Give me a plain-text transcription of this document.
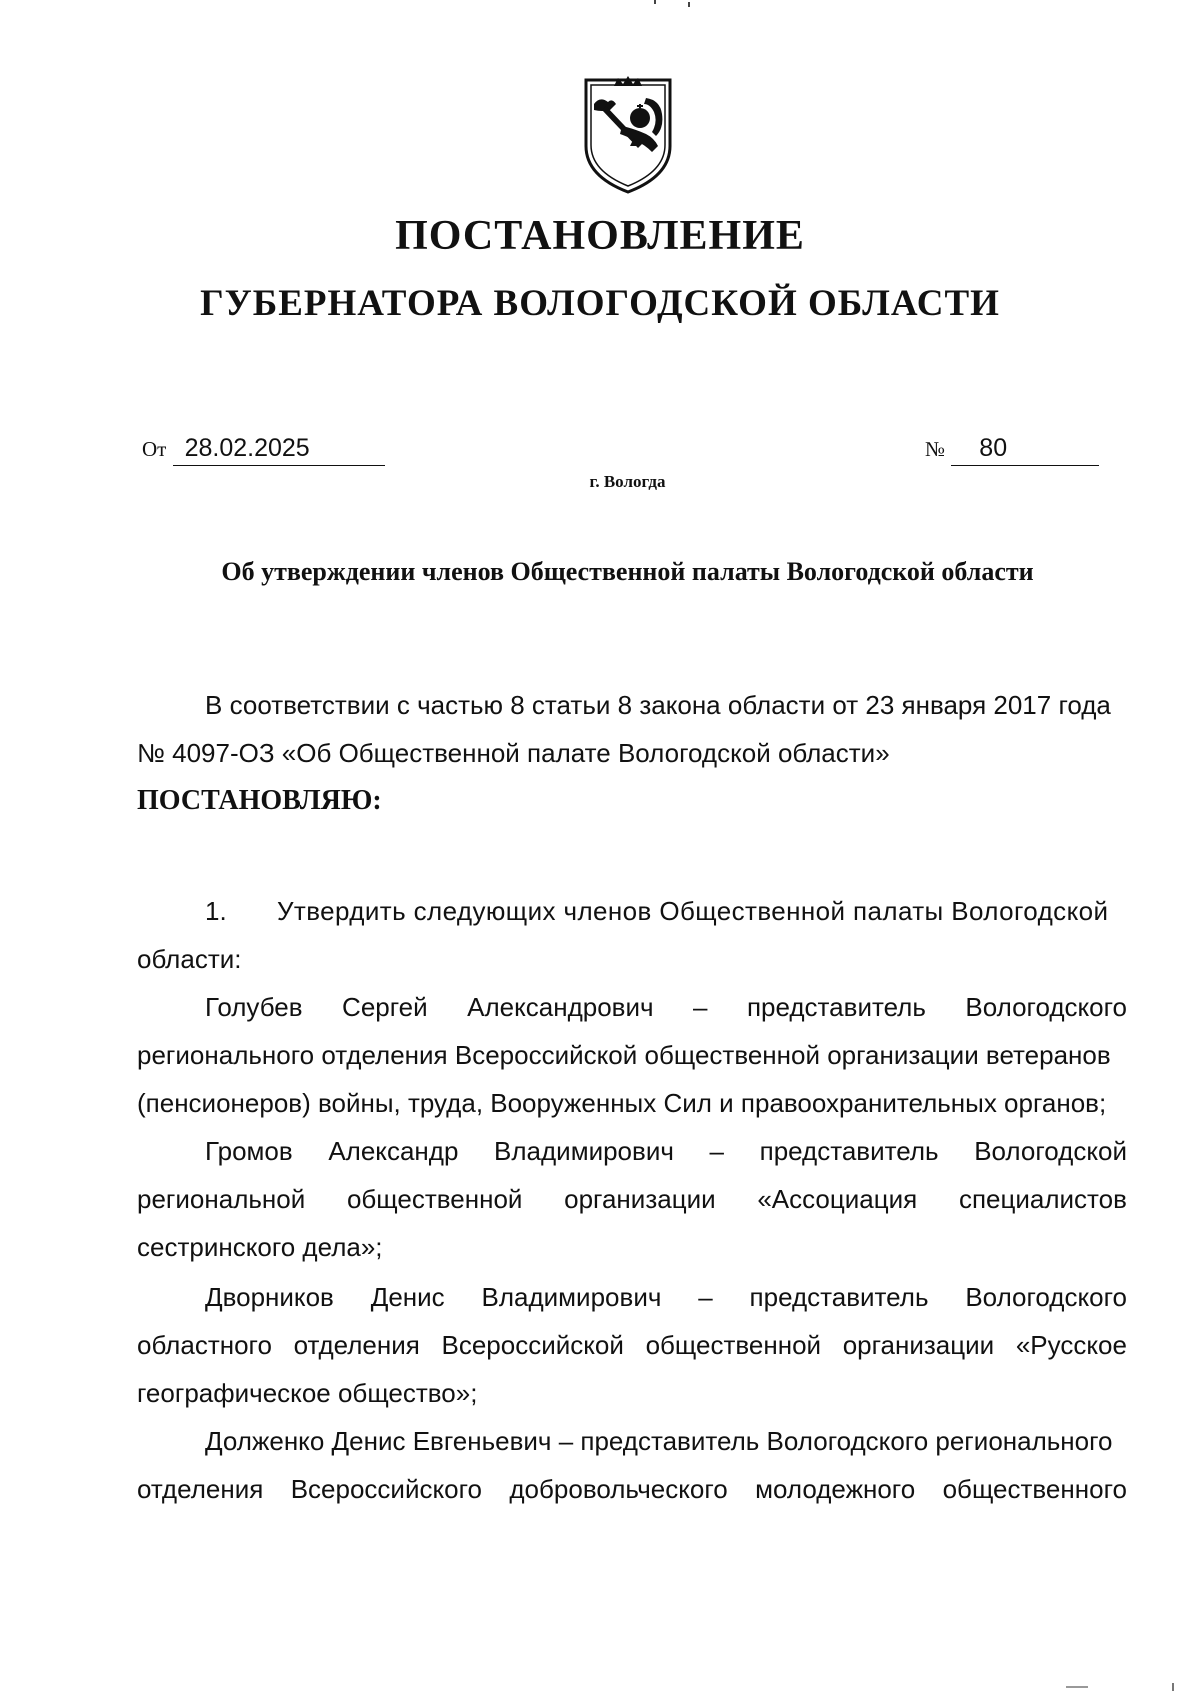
ПОСТАНОВЛЕНИЕ
ГУБЕРНАТОРА ВОЛОГОДСКОЙ ОБЛАСТИ
От 28.02.2025	№ 80
г. Вологда
Об утверждении членов Общественной палаты Вологодской области
В соответствии с частью 8 статьи 8 закона области от 23 января 2017 года
№ 4097-ОЗ «Об Общественной палате Вологодской области»
ПОСТАНОВЛЯЮ:
1. Утвердить следующих членов Общественной палаты Вологодской
области:
Голубев Сергей Александрович – представитель Вологодского
регионального отделения Всероссийской общественной организации ветеранов
(пенсионеров) войны, труда, Вооруженных Сил и правоохранительных органов;
Громов Александр Владимирович – представитель Вологодской
региональной общественной организации «Ассоциация специалистов
сестринского дела»;
Дворников Денис Владимирович – представитель Вологодского
областного отделения Всероссийской общественной организации «Русское
географическое общество»;
Долженко Денис Евгеньевич – представитель Вологодского регионального
отделения Всероссийского добровольческого молодежного общественного
